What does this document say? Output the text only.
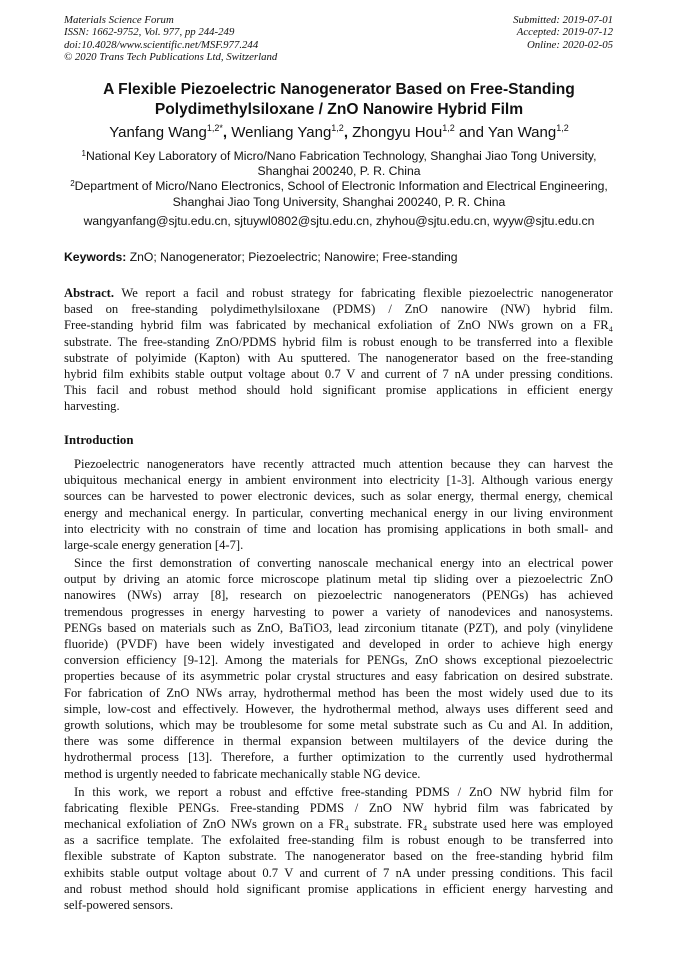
Materials Science Forum
ISSN: 1662-9752, Vol. 977, pp 244-249
doi:10.4028/www.scientific.net/MSF.977.244
© 2020 Trans Tech Publications Ltd, Switzerland
Submitted: 2019-07-01
Accepted: 2019-07-12
Online: 2020-02-05
A Flexible Piezoelectric Nanogenerator Based on Free-Standing
Polydimethylsiloxane / ZnO Nanowire Hybrid Film
Yanfang Wang$^{1,2*}$, Wenliang Yang$^{1,2}$, Zhongyu Hou$^{1,2}$ and Yan Wang$^{1,2}$
$^1$National Key Laboratory of Micro/Nano Fabrication Technology, Shanghai Jiao Tong University,
Shanghai 200240, P. R. China
$^2$Department of Micro/Nano Electronics, School of Electronic Information and Electrical Engineering,
Shanghai Jiao Tong University, Shanghai 200240, P. R. China
wangyanfang@sjtu.edu.cn, sjtuywl0802@sjtu.edu.cn, zhyhou@sjtu.edu.cn, wyyw@sjtu.edu.cn
Keywords: ZnO; Nanogenerator; Piezoelectric; Nanowire; Free-standing
Abstract. We report a facil and robust strategy for fabricating flexible piezoelectric nanogenerator
based on free-standing polydimethylsiloxane (PDMS) / ZnO nanowire (NW) hybrid film.
Free-standing hybrid film was fabricated by mechanical exfoliation of ZnO NWs grown on a FR₄
substrate. The free-standing ZnO/PDMS hybrid film is robust enough to be transferred into a flexible
substrate of polyimide (Kapton) with Au sputtered. The nanogenerator based on the free-standing
hybrid film exhibits stable output voltage about 0.7 V and current of 7 nA under pressing conditions.
This facil and robust method should hold significant promise applications in efficient energy
harvesting.
Introduction
Piezoelectric nanogenerators have recently attracted much attention because they can harvest the
ubiquitous mechanical energy in ambient environment into electricity [1-3]. Although various energy
sources can be harvested to power electronic devices, such as solar energy, thermal energy, chemical
energy and mechanical energy. In particular, converting mechanical energy in our living environment
into electricity with no constrain of time and location has promising applications in both small- and
large-scale energy generation [4-7].
Since the first demonstration of converting nanoscale mechanical energy into an electrical power
output by driving an atomic force microscope platinum metal tip sliding over a piezoelectric ZnO
nanowires (NWs) array [8], research on piezoelectric nanogenerators (PENGs) has achieved
tremendous progresses in energy harvesting to power a variety of nanodevices and nanosystems.
PENGs based on materials such as ZnO, BaTiO3, lead zirconium titanate (PZT), and poly (vinylidene
fluoride) (PVDF) have been widely investigated and developed in order to achieve high energy
conversion efficiency [9-12]. Among the materials for PENGs, ZnO shows exceptional piezoelectric
properties because of its asymmetric polar crystal structures and easy fabrication on desired substrate.
For fabrication of ZnO NWs array, hydrothermal method has been the most widely used due to its
simple, low-cost and effectively. However, the hydrothermal method, always uses different seed and
growth solutions, which may be troublesome for some metal substrate such as Cu and Al. In addition,
there was some difference in thermal expansion between multilayers of the device during the
hydrothermal process [13]. Therefore, a further optimization to the currently used hydrothermal
method is urgently needed to fabricate mechanically stable NG device.
In this work, we report a robust and effctive free-standing PDMS / ZnO NW hybrid film for
fabricating flexible PENGs. Free-standing PDMS / ZnO NW hybrid film was fabricated by
mechanical exfoliation of ZnO NWs grown on a FR₄ substrate. FR₄ substrate used here was employed
as a sacrifice template. The exfolaited free-standing film is robust enough to be transferred into
flexible substrate of Kapton substrate. The nanogenerator based on the free-standing hybrid film
exhibits stable output voltage about 0.7 V and current of 7 nA under pressing conditions. This facil
and robust method should hold significant promise applications in efficient energy harvesting and
self-powered sensors.
